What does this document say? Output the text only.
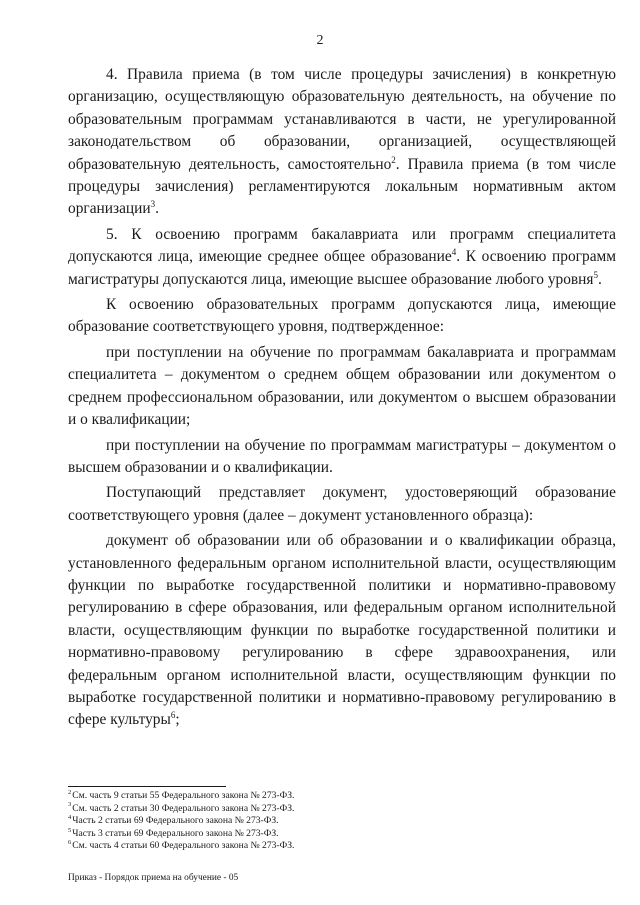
2

4. Правила приема (в том числе процедуры зачисления) в конкретную организацию, осуществляющую образовательную деятельность, на обучение по образовательным программам устанавливаются в части, не урегулированной законодательством об образовании, организацией, осуществляющей образовательную деятельность, самостоятельно$^2$. Правила приема (в том числе процедуры зачисления) регламентируются локальным нормативным актом организации$^3$.

5. К освоению программ бакалавриата или программ специалитета допускаются лица, имеющие среднее общее образование$^4$. К освоению программ магистратуры допускаются лица, имеющие высшее образование любого уровня$^5$.

К освоению образовательных программ допускаются лица, имеющие образование соответствующего уровня, подтвержденное:

при поступлении на обучение по программам бакалавриата и программам специалитета – документом о среднем общем образовании или документом о среднем профессиональном образовании, или документом о высшем образовании и о квалификации;

при поступлении на обучение по программам магистратуры – документом о высшем образовании и о квалификации.

Поступающий представляет документ, удостоверяющий образование соответствующего уровня (далее – документ установленного образца):

документ об образовании или об образовании и о квалификации образца, установленного федеральным органом исполнительной власти, осуществляющим функции по выработке государственной политики и нормативно-правовому регулированию в сфере образования, или федеральным органом исполнительной власти, осуществляющим функции по выработке государственной политики и нормативно-правовому регулированию в сфере здравоохранения, или федеральным органом исполнительной власти, осуществляющим функции по выработке государственной политики и нормативно-правовому регулированию в сфере культуры$^6$;

$^2$См. часть 9 статьи 55 Федерального закона № 273-ФЗ.
$^3$См. часть 2 статьи 30 Федерального закона № 273-ФЗ.
$^4$Часть 2 статьи 69 Федерального закона № 273-ФЗ.
$^5$Часть 3 статьи 69 Федерального закона № 273-ФЗ.
$^6$См. часть 4 статьи 60 Федерального закона № 273-ФЗ.
Приказ - Порядок приема на обучение - 05
